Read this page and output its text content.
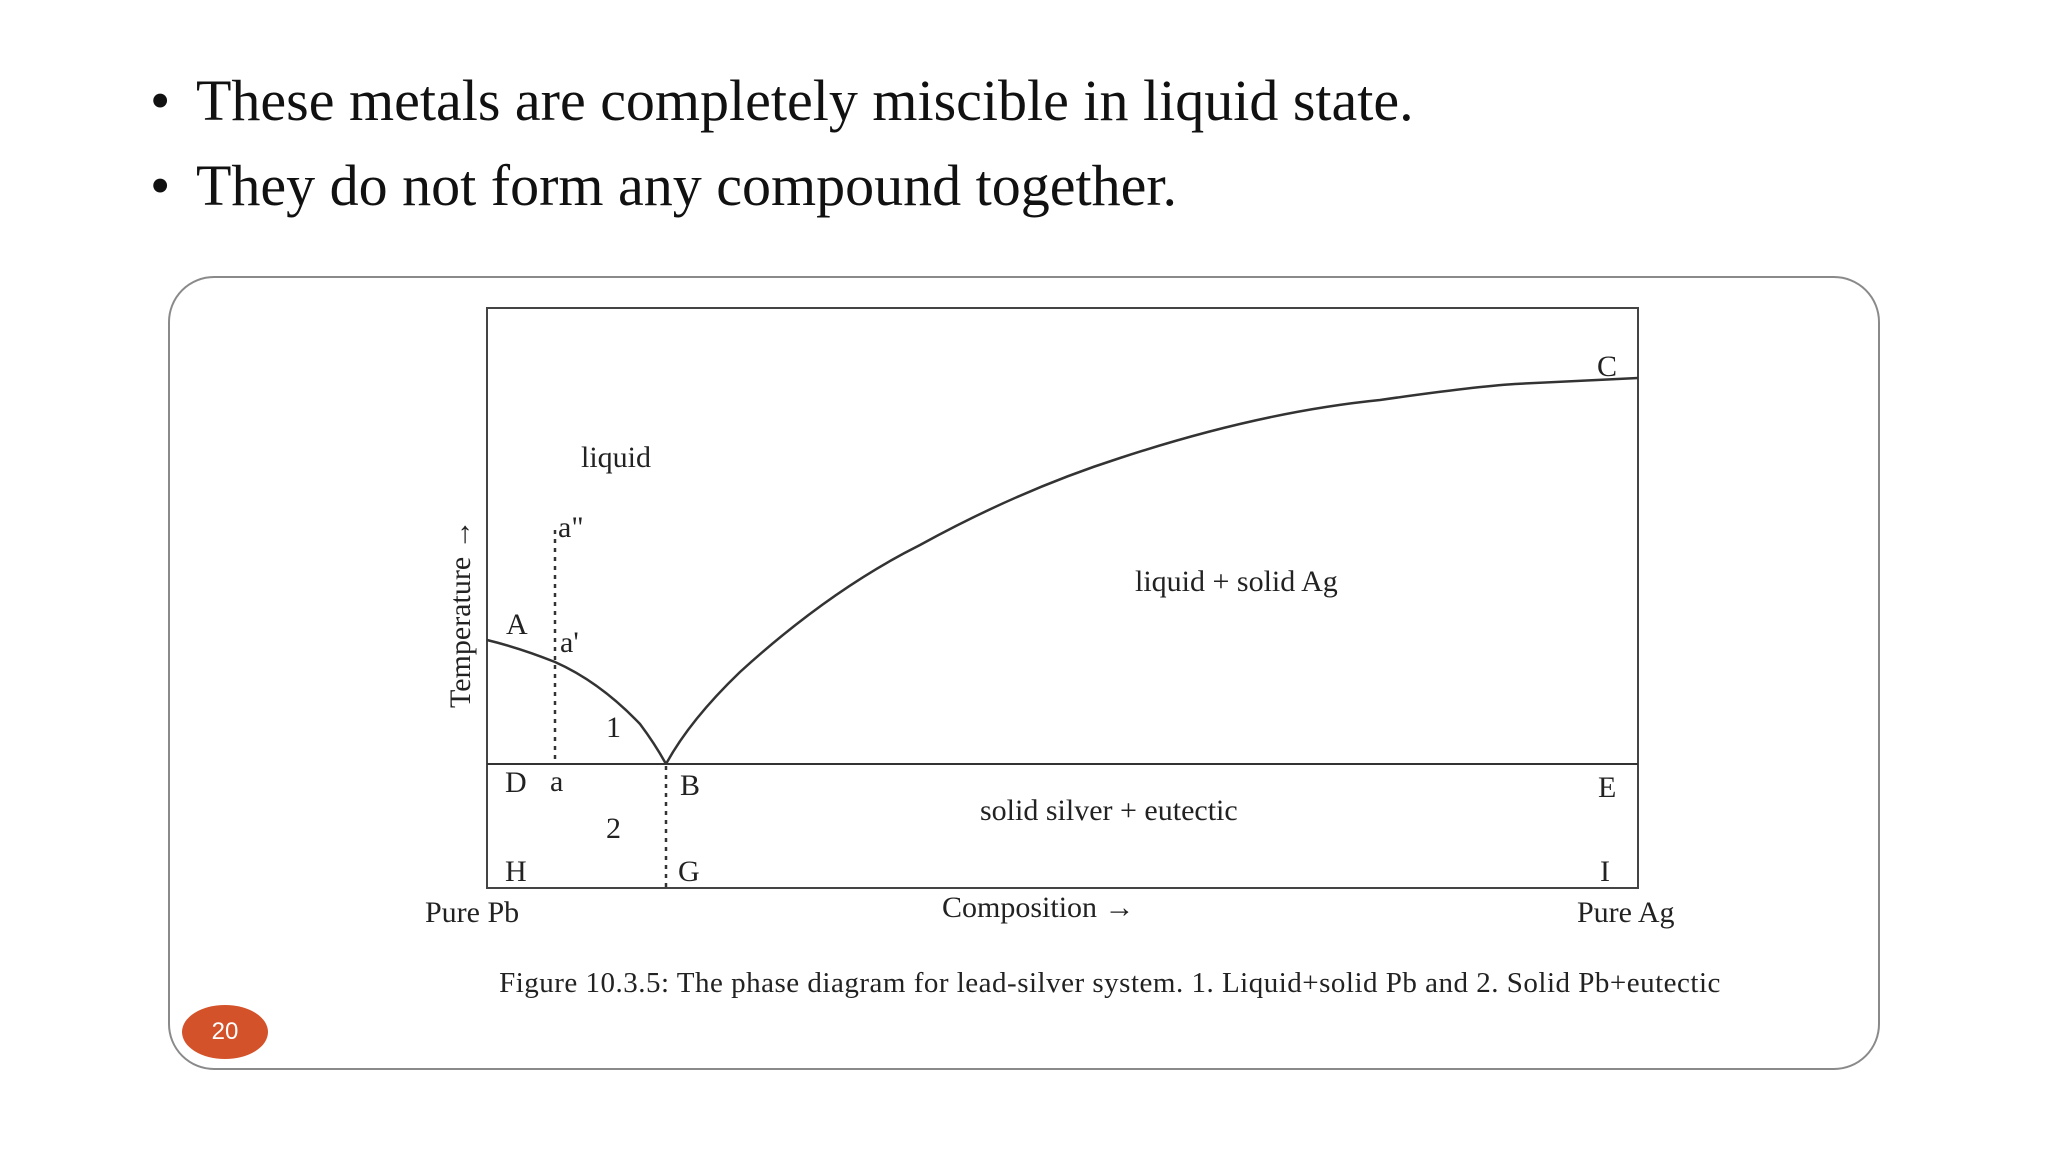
• These metals are completely miscible in liquid state.
• They do not form any compound together.
liquid
liquid + solid Ag
solid silver + eutectic
1
2
A
a"
a'
a
D	B
C
E
H	G	I
Temperature →
Composition →
Pure Pb	Pure Ag
Figure 10.3.5: The phase diagram for lead-silver system. 1. Liquid+solid Pb and 2. Solid Pb+eutectic
20
